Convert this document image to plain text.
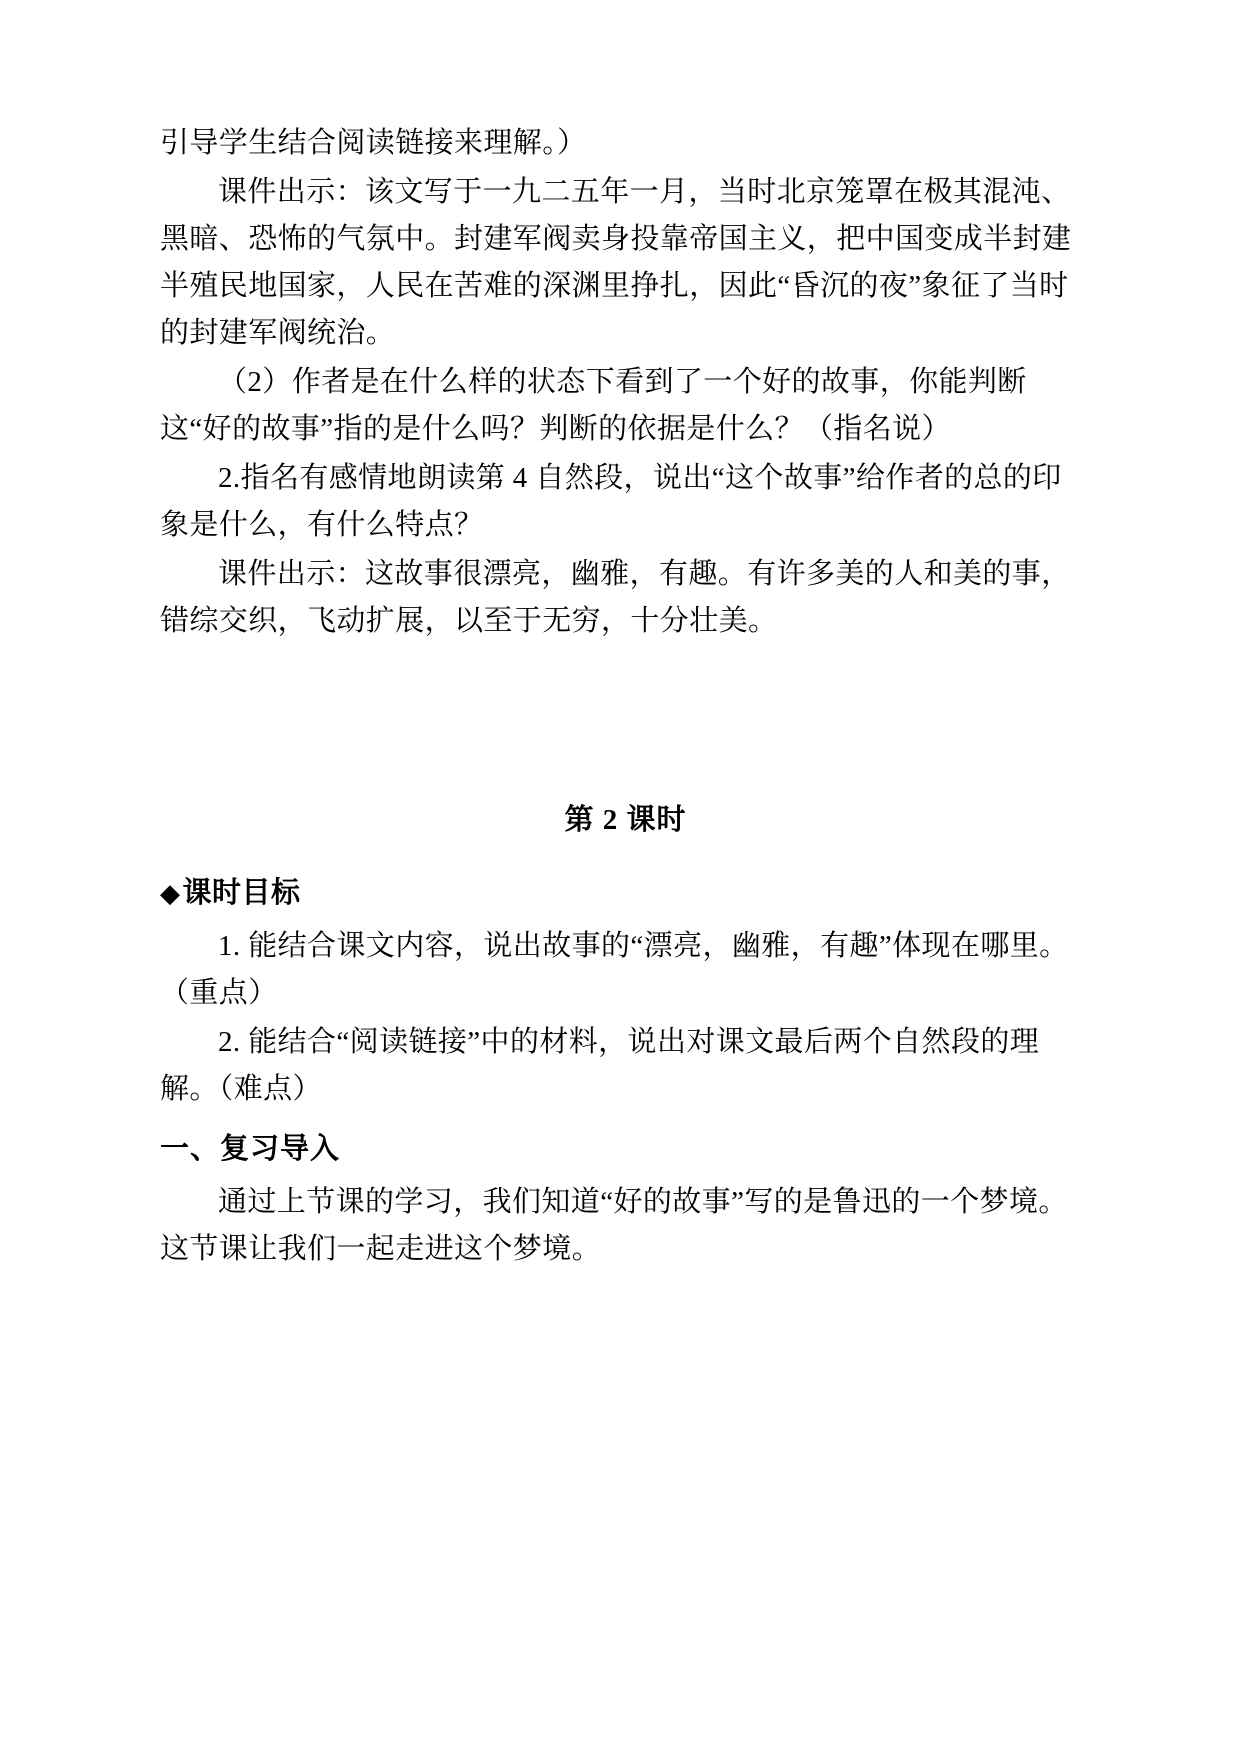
引导学生结合阅读链接来理解。）

课件出示：该文写于一九二五年一月，当时北京笼罩在极其混沌、黑暗、恐怖的气氛中。封建军阀卖身投靠帝国主义，把中国变成半封建半殖民地国家，人民在苦难的深渊里挣扎，因此“昏沉的夜”象征了当时的封建军阀统治。

（2）作者是在什么样的状态下看到了一个好的故事，你能判断这“好的故事”指的是什么吗？判断的依据是什么？（指名说）

2.指名有感情地朗读第 4 自然段，说出“这个故事”给作者的总的印象是什么，有什么特点？

课件出示：这故事很漂亮，幽雅，有趣。有许多美的人和美的事，错综交织，飞动扩展，以至于无穷，十分壮美。

第 2 课时

◆课时目标

1. 能结合课文内容，说出故事的“漂亮，幽雅，有趣”体现在哪里。（重点）

2. 能结合“阅读链接”中的材料，说出对课文最后两个自然段的理解。（难点）

一、复习导入

通过上节课的学习，我们知道“好的故事”写的是鲁迅的一个梦境。这节课让我们一起走进这个梦境。
